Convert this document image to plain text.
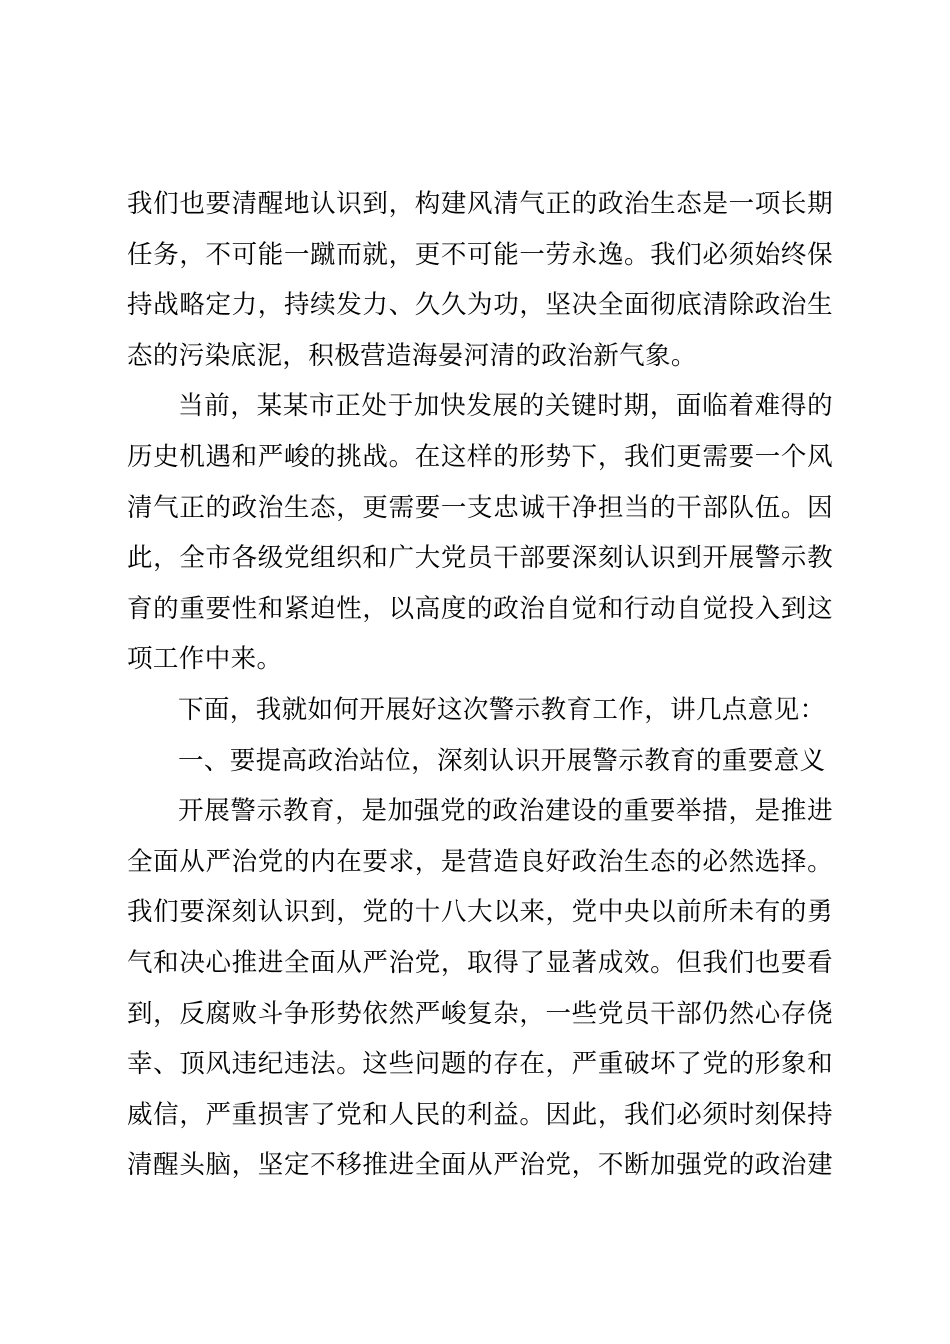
我们也要清醒地认识到，构建风清气正的政治生态是一项长期
任务，不可能一蹴而就，更不可能一劳永逸。我们必须始终保
持战略定力，持续发力、久久为功，坚决全面彻底清除政治生
态的污染底泥，积极营造海晏河清的政治新气象。
当前，某某市正处于加快发展的关键时期，面临着难得的
历史机遇和严峻的挑战。在这样的形势下，我们更需要一个风
清气正的政治生态，更需要一支忠诚干净担当的干部队伍。因
此，全市各级党组织和广大党员干部要深刻认识到开展警示教
育的重要性和紧迫性，以高度的政治自觉和行动自觉投入到这
项工作中来。
下面，我就如何开展好这次警示教育工作，讲几点意见：
一、要提高政治站位，深刻认识开展警示教育的重要意义
开展警示教育，是加强党的政治建设的重要举措，是推进
全面从严治党的内在要求，是营造良好政治生态的必然选择。
我们要深刻认识到，党的十八大以来，党中央以前所未有的勇
气和决心推进全面从严治党，取得了显著成效。但我们也要看
到，反腐败斗争形势依然严峻复杂，一些党员干部仍然心存侥
幸、顶风违纪违法。这些问题的存在，严重破坏了党的形象和
威信，严重损害了党和人民的利益。因此，我们必须时刻保持
清醒头脑，坚定不移推进全面从严治党，不断加强党的政治建
